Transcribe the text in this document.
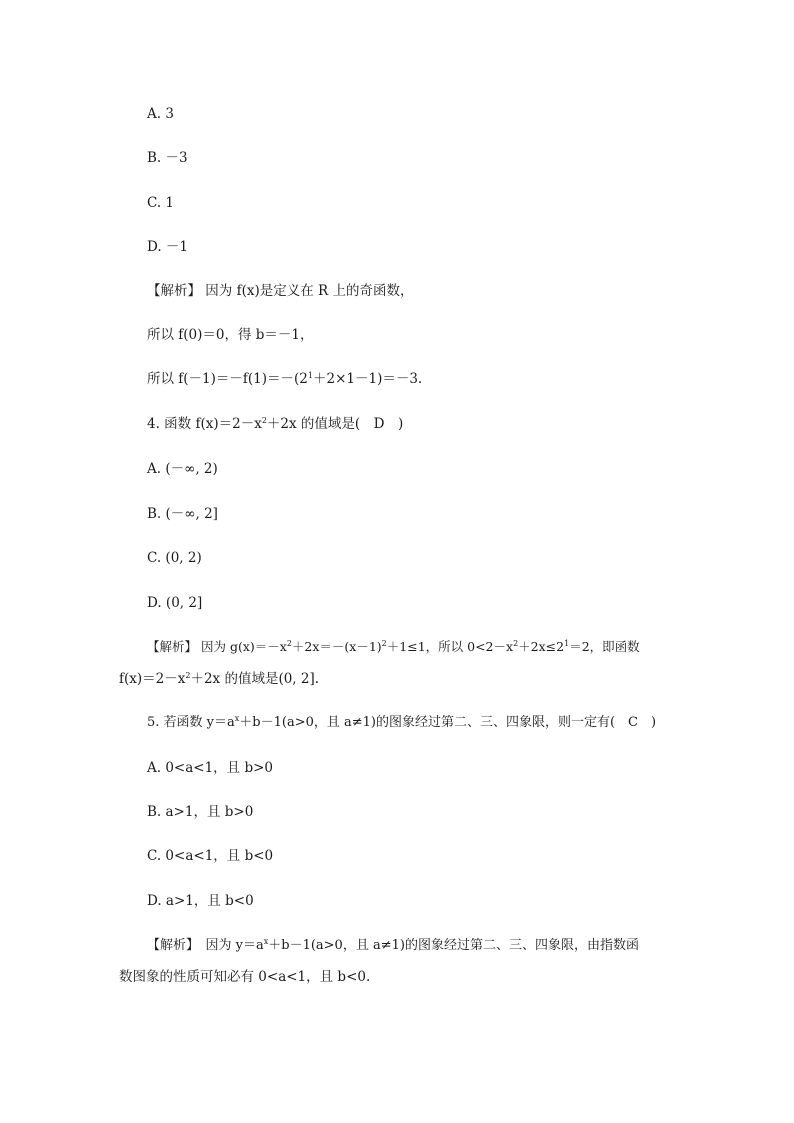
A. 3
B. －3
C. 1
D. －1
【解析】 因为 f(x)是定义在 R 上的奇函数，
所以 f(0)＝0，得 b＝－1，
所以 $f(-1)=-f(1)=-(2^1+2\times 1-1)=-3$.
4. 函数 $f(x)=2-x^2+2x$ 的值域是(　D　)
A. (－∞, 2)
B. (－∞, 2]
C. (0, 2)
D. (0, 2]
【解析】 因为 $g(x)=-x^2+2x=-(x-1)^2+1\le 1$，所以 $0<2-x^2+2x\le 2^1=2$，即函数
$f(x)=2-x^2+2x$ 的值域是(0, 2].
5. 若函数 $y=a^x+b-1(a>0$，且 a≠1)的图象经过第二、三、四象限，则一定有(　C　)
A. 0<a<1，且 b>0
B. a>1，且 b>0
C. 0<a<1，且 b<0
D. a>1，且 b<0
【解析】　因为 $y=a^x+b-1(a>0$，且 a≠1)的图象经过第二、三、四象限，由指数函
数图象的性质可知必有 0<a<1，且 b<0.
